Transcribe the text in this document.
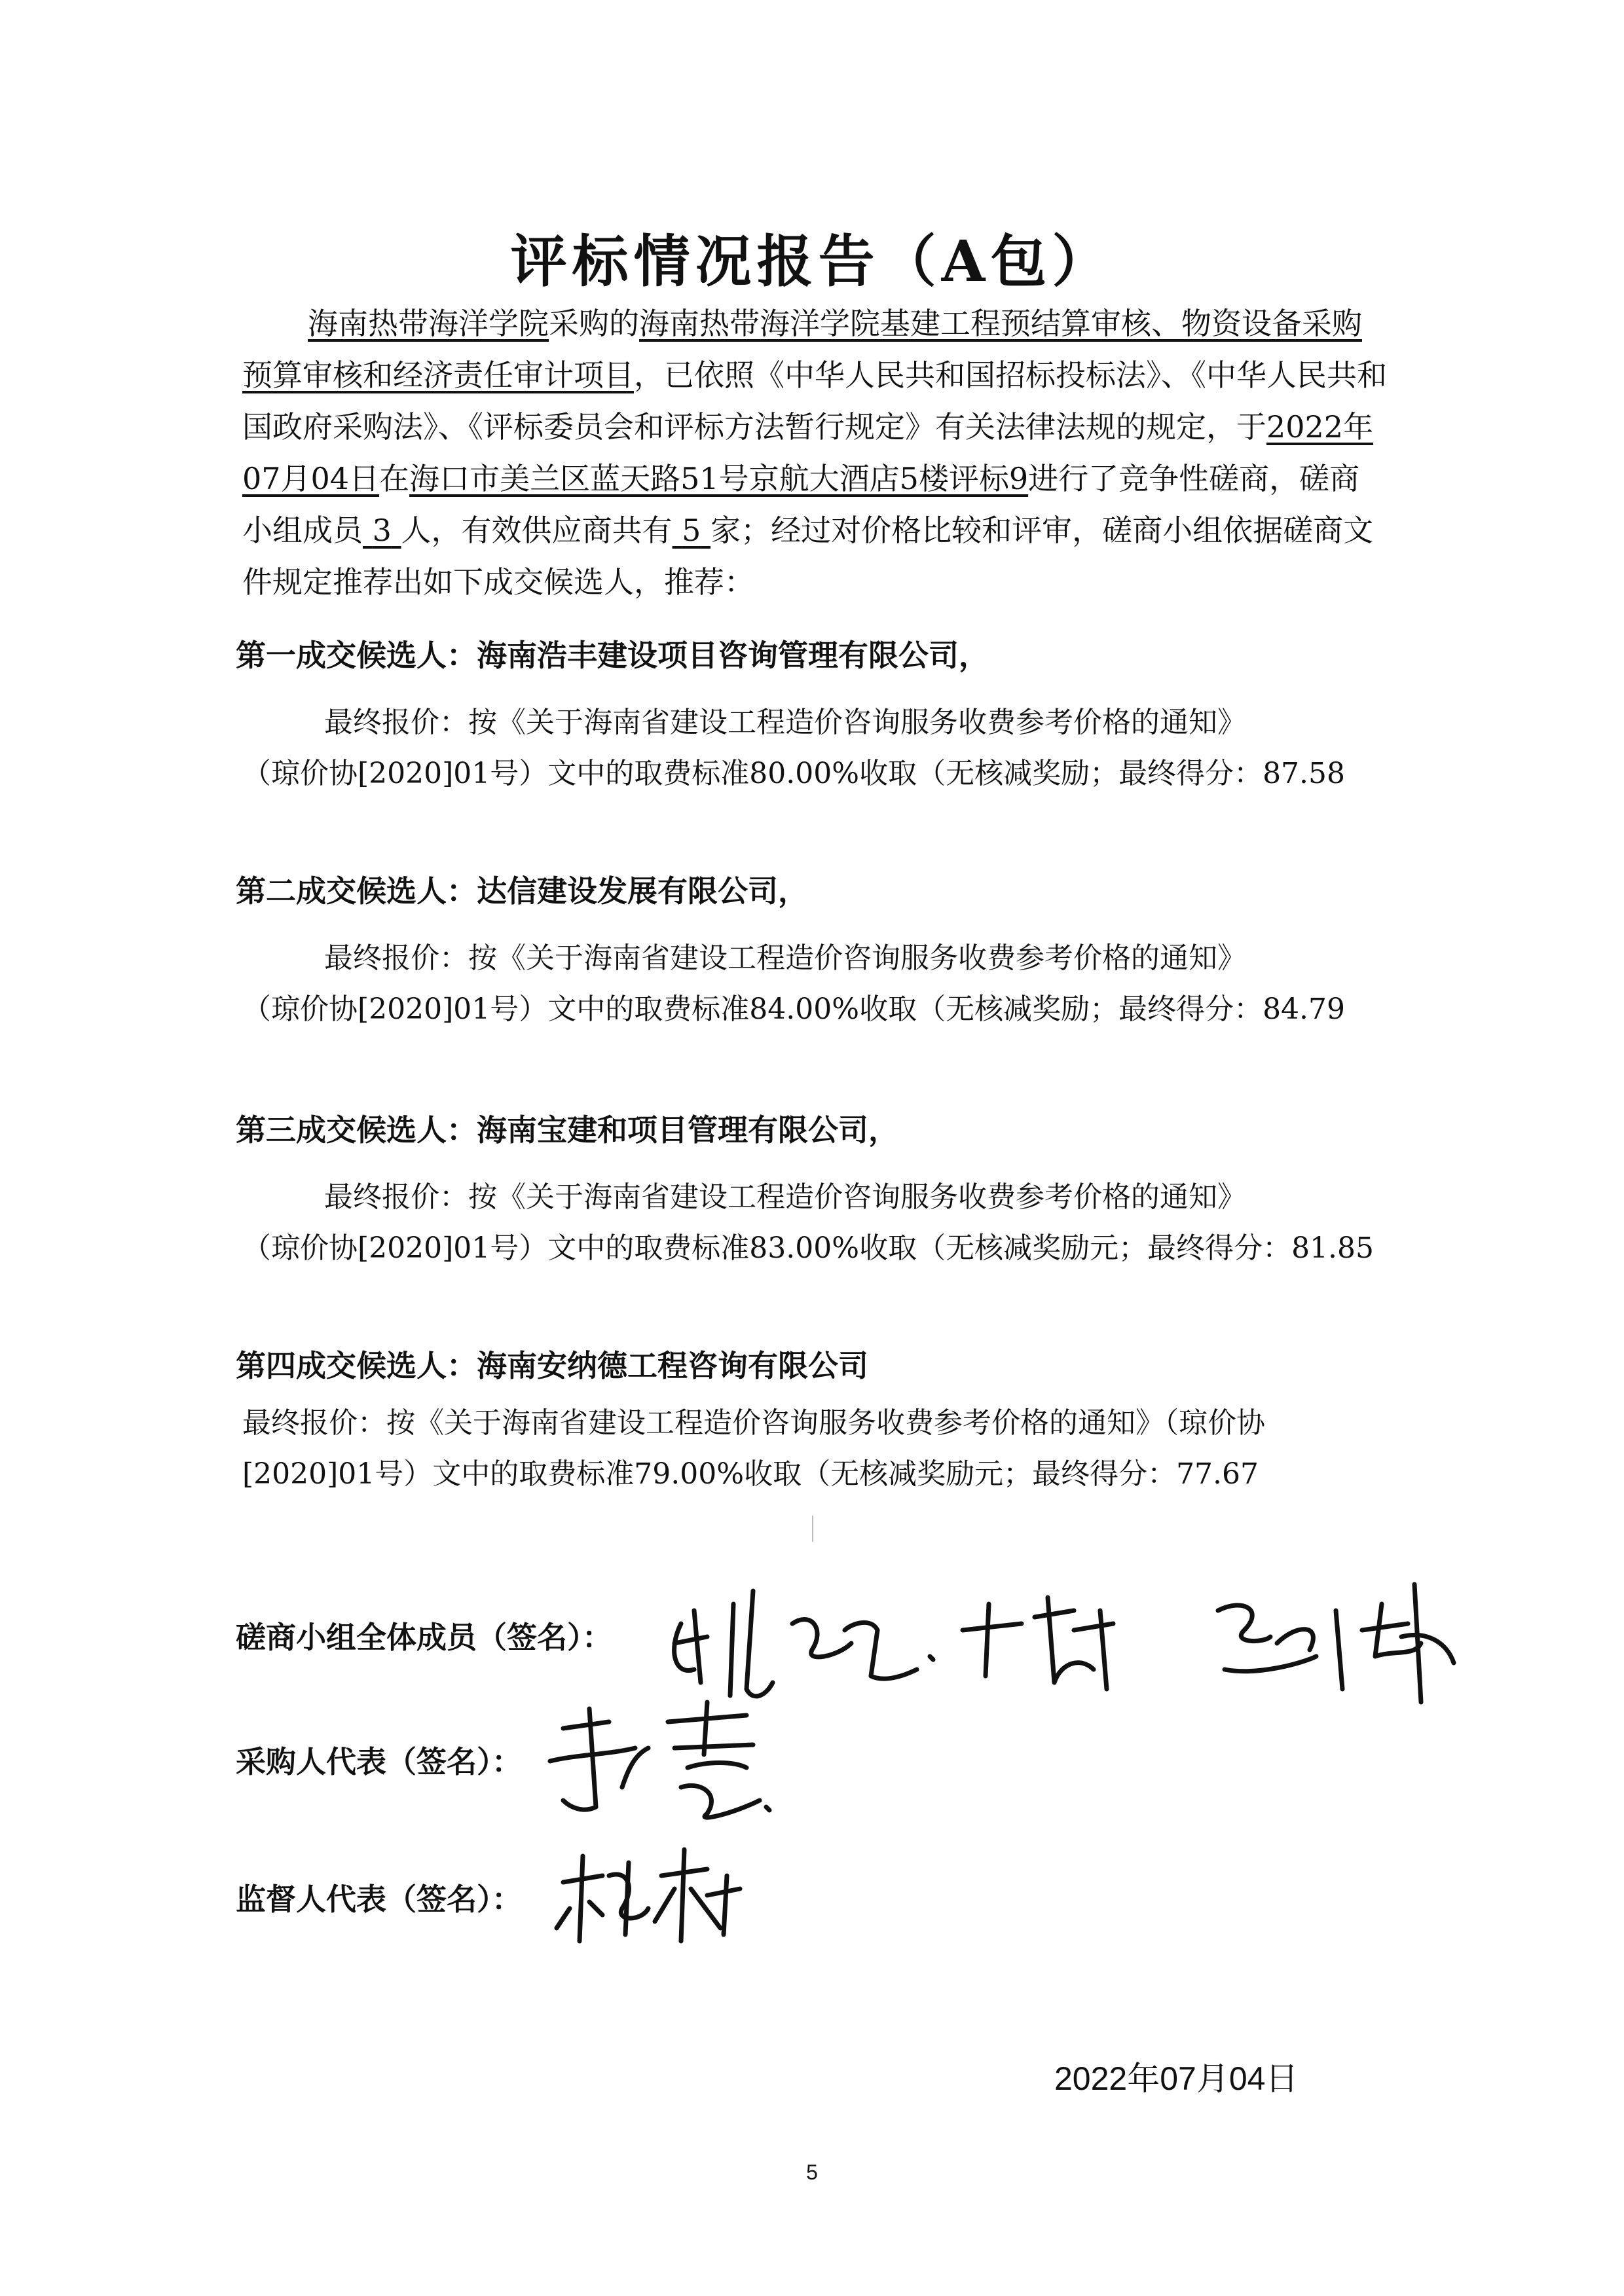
评标情况报告（A包）
海南热带海洋学院采购的海南热带海洋学院基建工程预结算审核、物资设备采购预算审核和经济责任审计项目，已依照《中华人民共和国招标投标法》、《中华人民共和国政府采购法》、《评标委员会和评标方法暂行规定》有关法律法规的规定，于2022年07月04日在海口市美兰区蓝天路51号京航大酒店5楼评标9进行了竞争性磋商，磋商小组成员 3 人，有效供应商共有 5 家；经过对价格比较和评审，磋商小组依据磋商文件规定推荐出如下成交候选人，推荐：
第一成交候选人：海南浩丰建设项目咨询管理有限公司，
最终报价：按《关于海南省建设工程造价咨询服务收费参考价格的通知》
（琼价协[2020]01号）文中的取费标准80.00%收取（无核减奖励；最终得分：87.58
第二成交候选人：达信建设发展有限公司，
最终报价：按《关于海南省建设工程造价咨询服务收费参考价格的通知》
（琼价协[2020]01号）文中的取费标准84.00%收取（无核减奖励；最终得分：84.79
第三成交候选人：海南宝建和项目管理有限公司，
最终报价：按《关于海南省建设工程造价咨询服务收费参考价格的通知》
（琼价协[2020]01号）文中的取费标准83.00%收取（无核减奖励元；最终得分：81.85
第四成交候选人：海南安纳德工程咨询有限公司
最终报价：按《关于海南省建设工程造价咨询服务收费参考价格的通知》（琼价协[2020]01号）文中的取费标准79.00%收取（无核减奖励元；最终得分：77.67
磋商小组全体成员（签名）：
采购人代表（签名）：
监督人代表（签名）：
2022年07月04日
5
